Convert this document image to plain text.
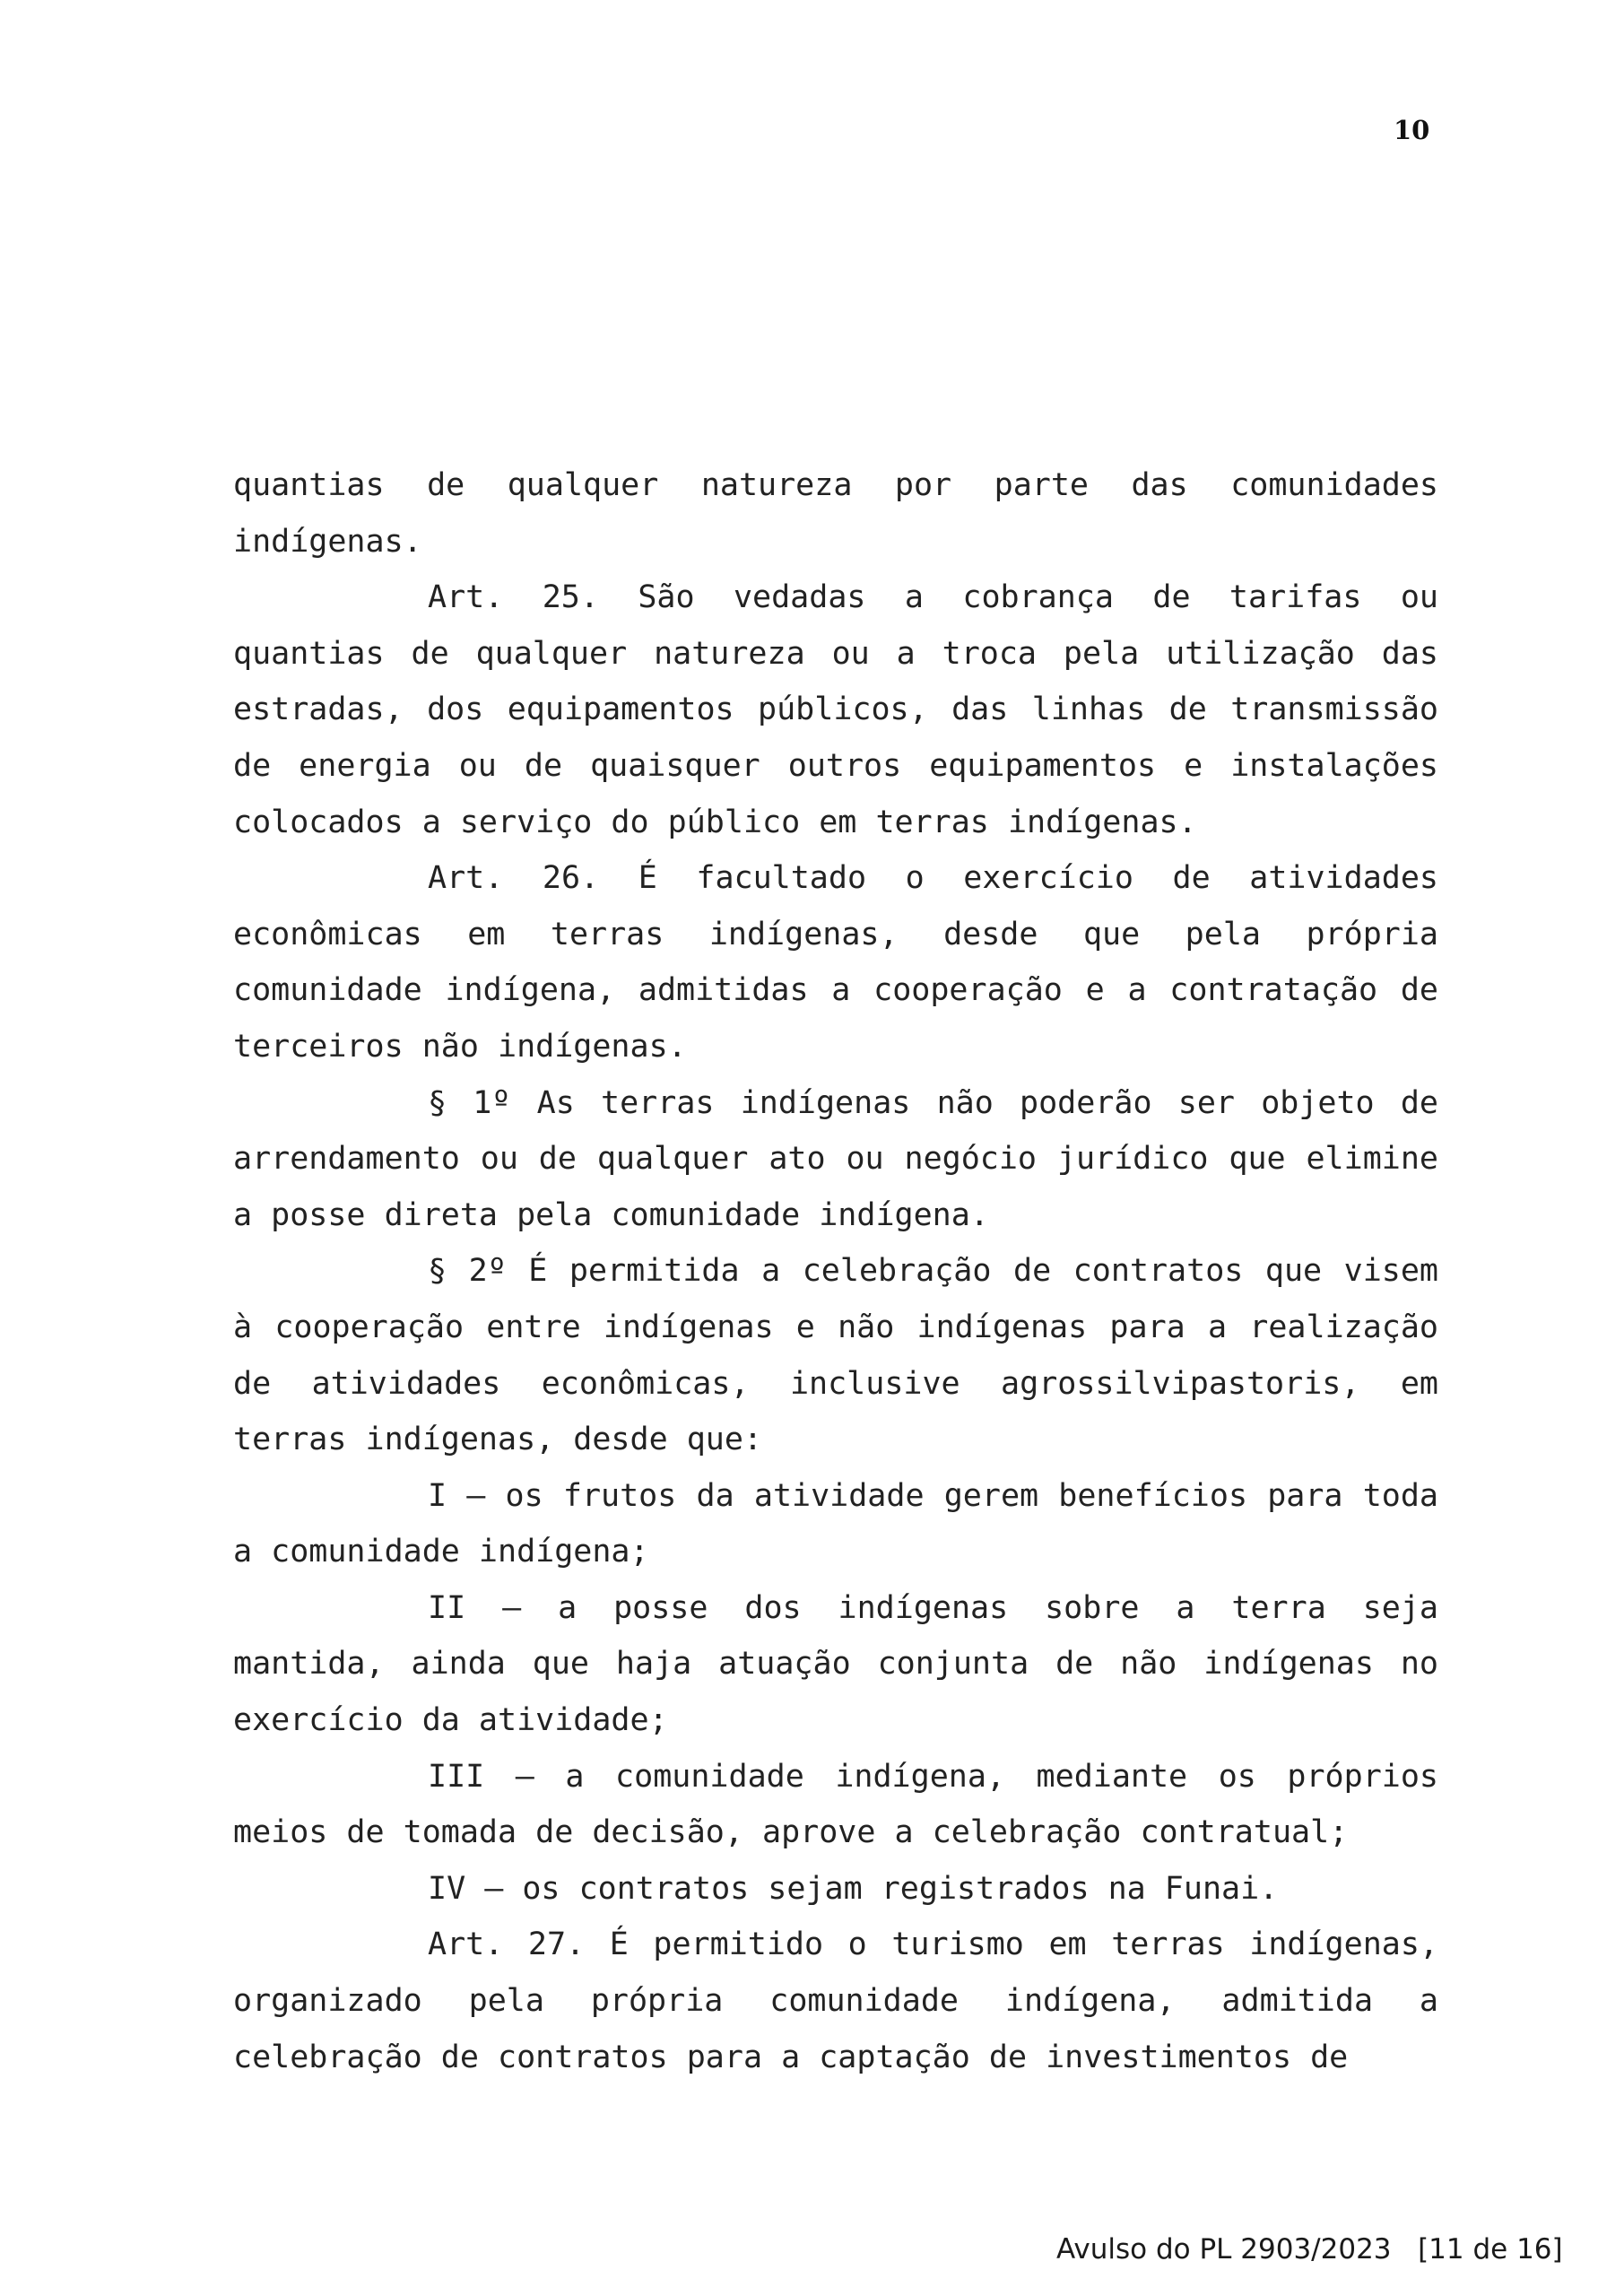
10

quantias de qualquer natureza por parte das comunidades indígenas.

Art. 25. São vedadas a cobrança de tarifas ou quantias de qualquer natureza ou a troca pela utilização das estradas, dos equipamentos públicos, das linhas de transmissão de energia ou de quaisquer outros equipamentos e instalações colocados a serviço do público em terras indígenas.

Art. 26. É facultado o exercício de atividades econômicas em terras indígenas, desde que pela própria comunidade indígena, admitidas a cooperação e a contratação de terceiros não indígenas.

§ 1º As terras indígenas não poderão ser objeto de arrendamento ou de qualquer ato ou negócio jurídico que elimine a posse direta pela comunidade indígena.

§ 2º É permitida a celebração de contratos que visem à cooperação entre indígenas e não indígenas para a realização de atividades econômicas, inclusive agrossilvipastoris, em terras indígenas, desde que:

I – os frutos da atividade gerem benefícios para toda a comunidade indígena;

II – a posse dos indígenas sobre a terra seja mantida, ainda que haja atuação conjunta de não indígenas no exercício da atividade;

III – a comunidade indígena, mediante os próprios meios de tomada de decisão, aprove a celebração contratual;

IV – os contratos sejam registrados na Funai.

Art. 27. É permitido o turismo em terras indígenas, organizado pela própria comunidade indígena, admitida a celebração de contratos para a captação de investimentos de

Avulso do PL 2903/2023 [11 de 16]
